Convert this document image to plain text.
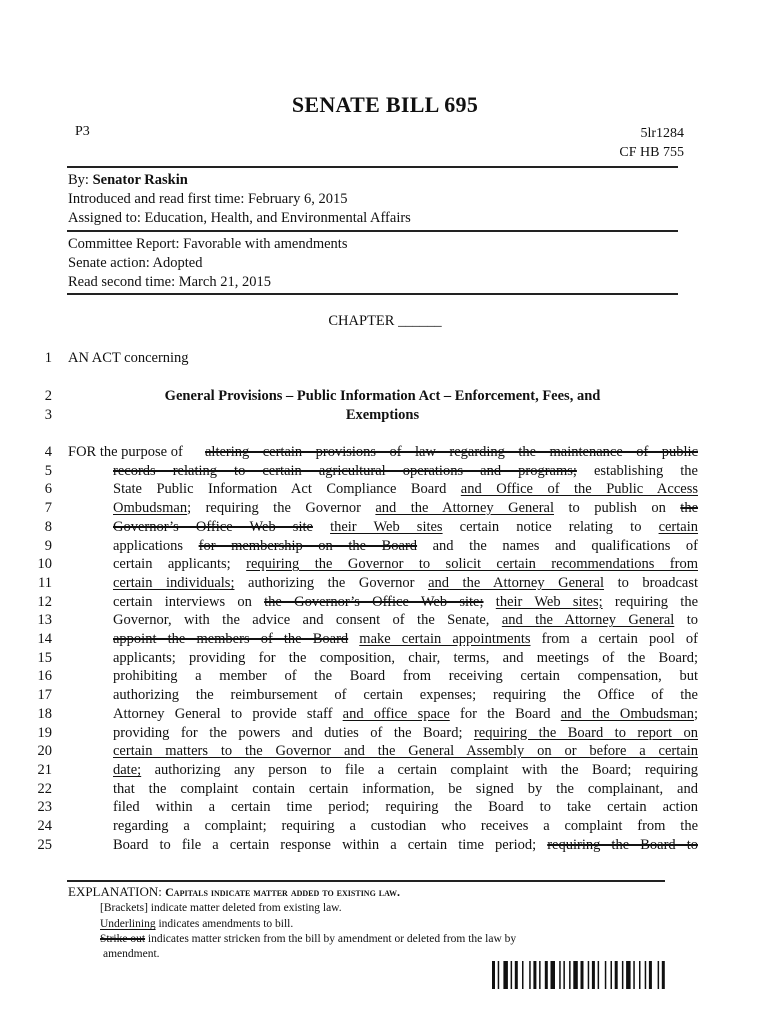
SENATE BILL 695
P3	5lr1284
CF HB 755
By: Senator Raskin
Introduced and read first time: February 6, 2015
Assigned to: Education, Health, and Environmental Affairs
Committee Report: Favorable with amendments
Senate action: Adopted
Read second time: March 21, 2015
CHAPTER ______
1
2
3
4
5
6
7
8
9
10
11
12
13
14
15
16
17
18
19
20
21
22
23
24
25
AN ACT concerning
General Provisions – Public Information Act – Enforcement, Fees, and
Exemptions
FOR the purpose of altering certain provisions of law regarding the maintenance of public
records relating to certain agricultural operations and programs; establishing the
State Public Information Act Compliance Board and Office of the Public Access
Ombudsman; requiring the Governor and the Attorney General to publish on the
Governor’s Office Web site their Web sites certain notice relating to certain
applications for membership on the Board and the names and qualifications of
certain applicants; requiring the Governor to solicit certain recommendations from
certain individuals; authorizing the Governor and the Attorney General to broadcast
certain interviews on the Governor’s Office Web site; their Web sites; requiring the
Governor, with the advice and consent of the Senate, and the Attorney General to
appoint the members of the Board make certain appointments from a certain pool of
applicants; providing for the composition, chair, terms, and meetings of the Board;
prohibiting a member of the Board from receiving certain compensation, but
authorizing the reimbursement of certain expenses; requiring the Office of the
Attorney General to provide staff and office space for the Board and the Ombudsman;
providing for the powers and duties of the Board; requiring the Board to report on
certain matters to the Governor and the General Assembly on or before a certain
date; authorizing any person to file a certain complaint with the Board; requiring
that the complaint contain certain information, be signed by the complainant, and
filed within a certain time period; requiring the Board to take certain action
regarding a complaint; requiring a custodian who receives a complaint from the
Board to file a certain response within a certain time period; requiring the Board to
EXPLANATION: Capitals indicate matter added to existing law.
[Brackets] indicate matter deleted from existing law.
Underlining indicates amendments to bill.
Strike out indicates matter stricken from the bill by amendment or deleted from the law by
amendment.
